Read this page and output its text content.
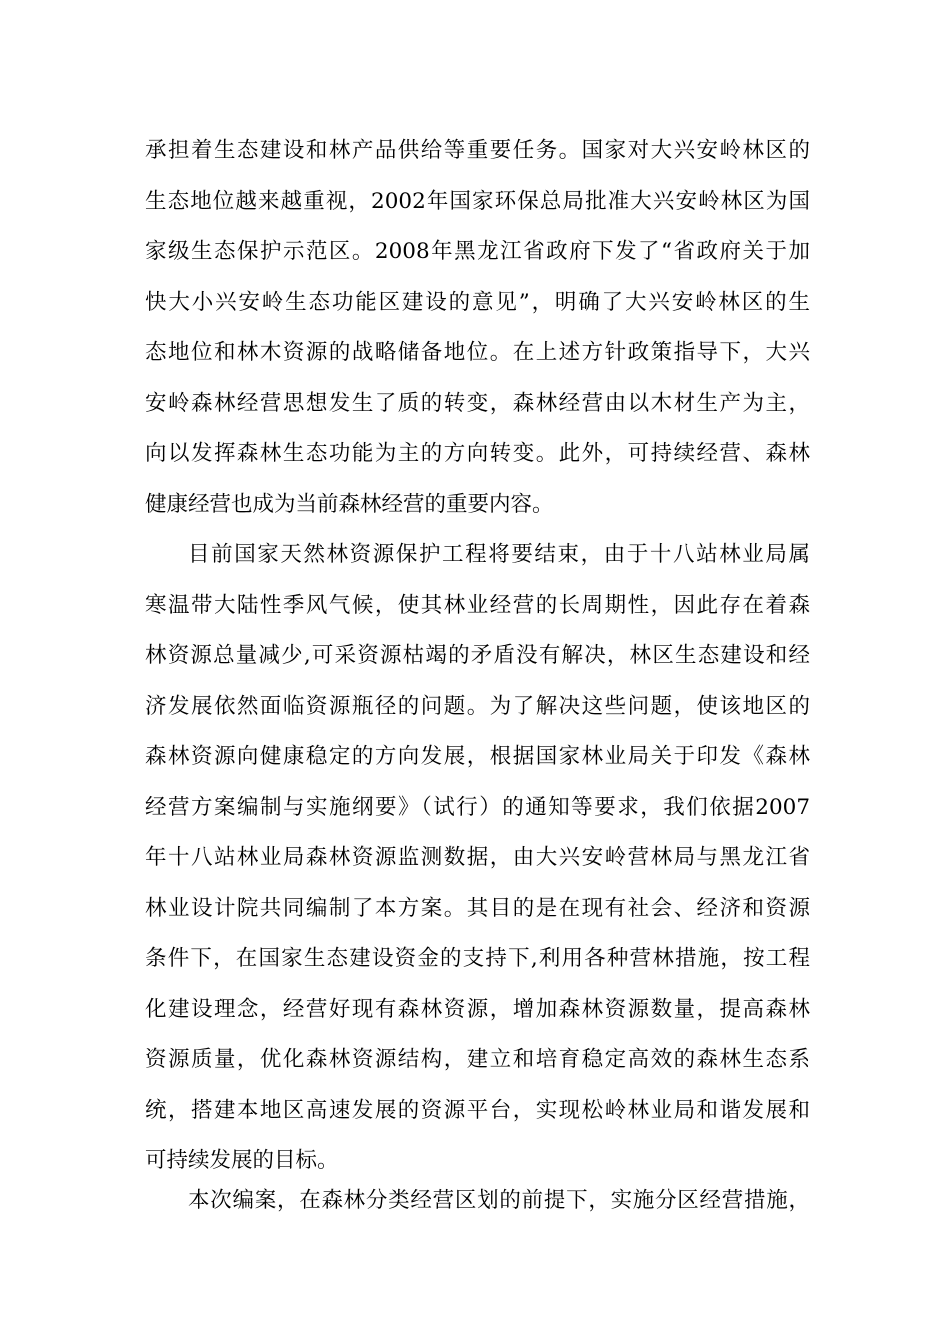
承担着生态建设和林产品供给等重要任务。国家对大兴安岭林区的
生态地位越来越重视，2002年国家环保总局批准大兴安岭林区为国
家级生态保护示范区。2008年黑龙江省政府下发了“省政府关于加
快大小兴安岭生态功能区建设的意见”，明确了大兴安岭林区的生
态地位和林木资源的战略储备地位。在上述方针政策指导下，大兴
安岭森林经营思想发生了质的转变，森林经营由以木材生产为主，
向以发挥森林生态功能为主的方向转变。此外，可持续经营、森林
健康经营也成为当前森林经营的重要内容。
目前国家天然林资源保护工程将要结束，由于十八站林业局属
寒温带大陆性季风气候，使其林业经营的长周期性，因此存在着森
林资源总量减少,可采资源枯竭的矛盾没有解决，林区生态建设和经
济发展依然面临资源瓶径的问题。为了解决这些问题，使该地区的
森林资源向健康稳定的方向发展，根据国家林业局关于印发《森林
经营方案编制与实施纲要》（试行）的通知等要求，我们依据2007
年十八站林业局森林资源监测数据，由大兴安岭营林局与黑龙江省
林业设计院共同编制了本方案。其目的是在现有社会、经济和资源
条件下，在国家生态建设资金的支持下,利用各种营林措施，按工程
化建设理念，经营好现有森林资源，增加森林资源数量，提高森林
资源质量，优化森林资源结构，建立和培育稳定高效的森林生态系
统，搭建本地区高速发展的资源平台，实现松岭林业局和谐发展和
可持续发展的目标。
本次编案，在森林分类经营区划的前提下，实施分区经营措施，
